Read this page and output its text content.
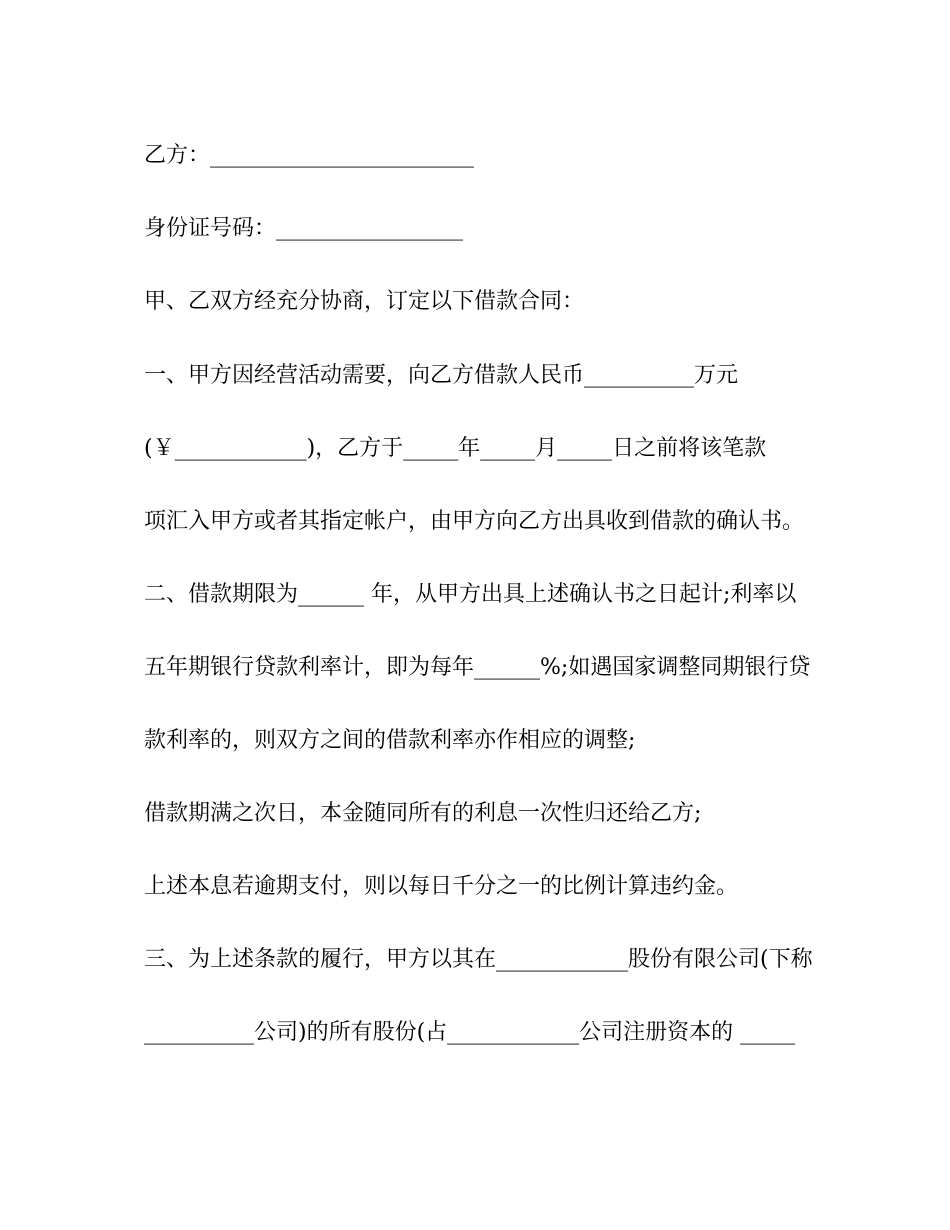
乙方：________________________
身份证号码：_________________
甲、乙双方经充分协商，订定以下借款合同：
一、甲方因经营活动需要，向乙方借款人民币__________万元
(￥____________)，乙方于_____年_____月_____日之前将该笔款
项汇入甲方或者其指定帐户，由甲方向乙方出具收到借款的确认书。
二、借款期限为______ 年，从甲方出具上述确认书之日起计;利率以
五年期银行贷款利率计，即为每年______%;如遇国家调整同期银行贷
款利率的，则双方之间的借款利率亦作相应的调整;
借款期满之次日，本金随同所有的利息一次性归还给乙方;
上述本息若逾期支付，则以每日千分之一的比例计算违约金。
三、为上述条款的履行，甲方以其在____________股份有限公司(下称
__________公司)的所有股份(占____________公司注册资本的 _____
